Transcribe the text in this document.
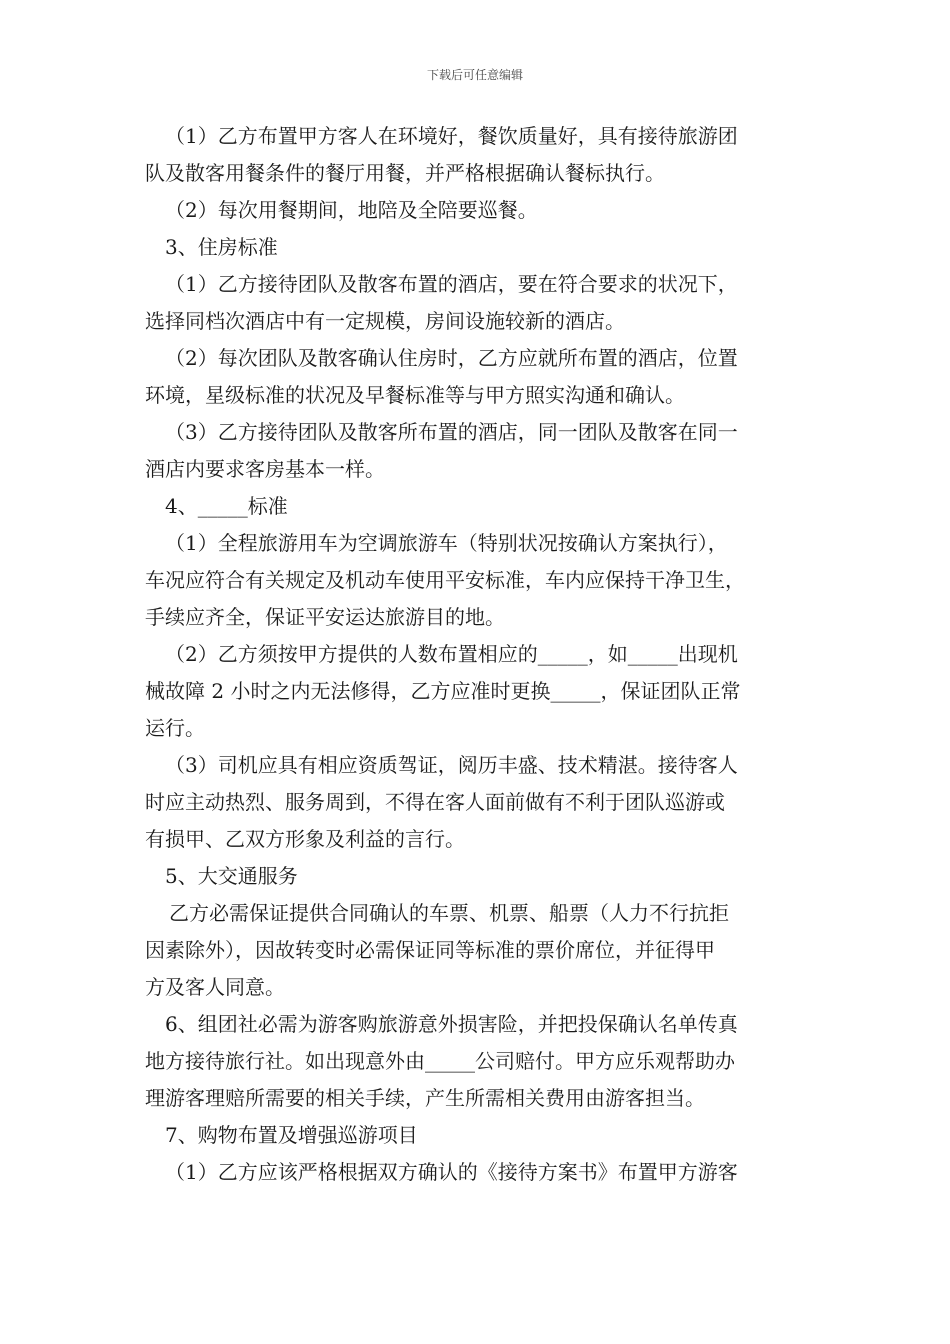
下载后可任意编辑
（1）乙方布置甲方客人在环境好，餐饮质量好，具有接待旅游团
队及散客用餐条件的餐厅用餐，并严格根据确认餐标执行。
（2）每次用餐期间，地陪及全陪要巡餐。
3、住房标准
（1）乙方接待团队及散客布置的酒店，要在符合要求的状况下，
选择同档次酒店中有一定规模，房间设施较新的酒店。
（2）每次团队及散客确认住房时，乙方应就所布置的酒店，位置
环境，星级标准的状况及早餐标准等与甲方照实沟通和确认。
（3）乙方接待团队及散客所布置的酒店，同一团队及散客在同一
酒店内要求客房基本一样。
4、_____标准
（1）全程旅游用车为空调旅游车（特别状况按确认方案执行），
车况应符合有关规定及机动车使用平安标准，车内应保持干净卫生，
手续应齐全，保证平安运达旅游目的地。
（2）乙方须按甲方提供的人数布置相应的_____，如_____出现机
械故障 2 小时之内无法修得，乙方应准时更换_____，保证团队正常
运行。
（3）司机应具有相应资质驾证，阅历丰盛、技术精湛。接待客人
时应主动热烈、服务周到，不得在客人面前做有不利于团队巡游或
有损甲、乙双方形象及利益的言行。
5、大交通服务
乙方必需保证提供合同确认的车票、机票、船票（人力不行抗拒
因素除外），因故转变时必需保证同等标准的票价席位，并征得甲
方及客人同意。
6、组团社必需为游客购旅游意外损害险，并把投保确认名单传真
地方接待旅行社。如出现意外由_____公司赔付。甲方应乐观帮助办
理游客理赔所需要的相关手续，产生所需相关费用由游客担当。
7、购物布置及增强巡游项目
（1）乙方应该严格根据双方确认的《接待方案书》布置甲方游客
